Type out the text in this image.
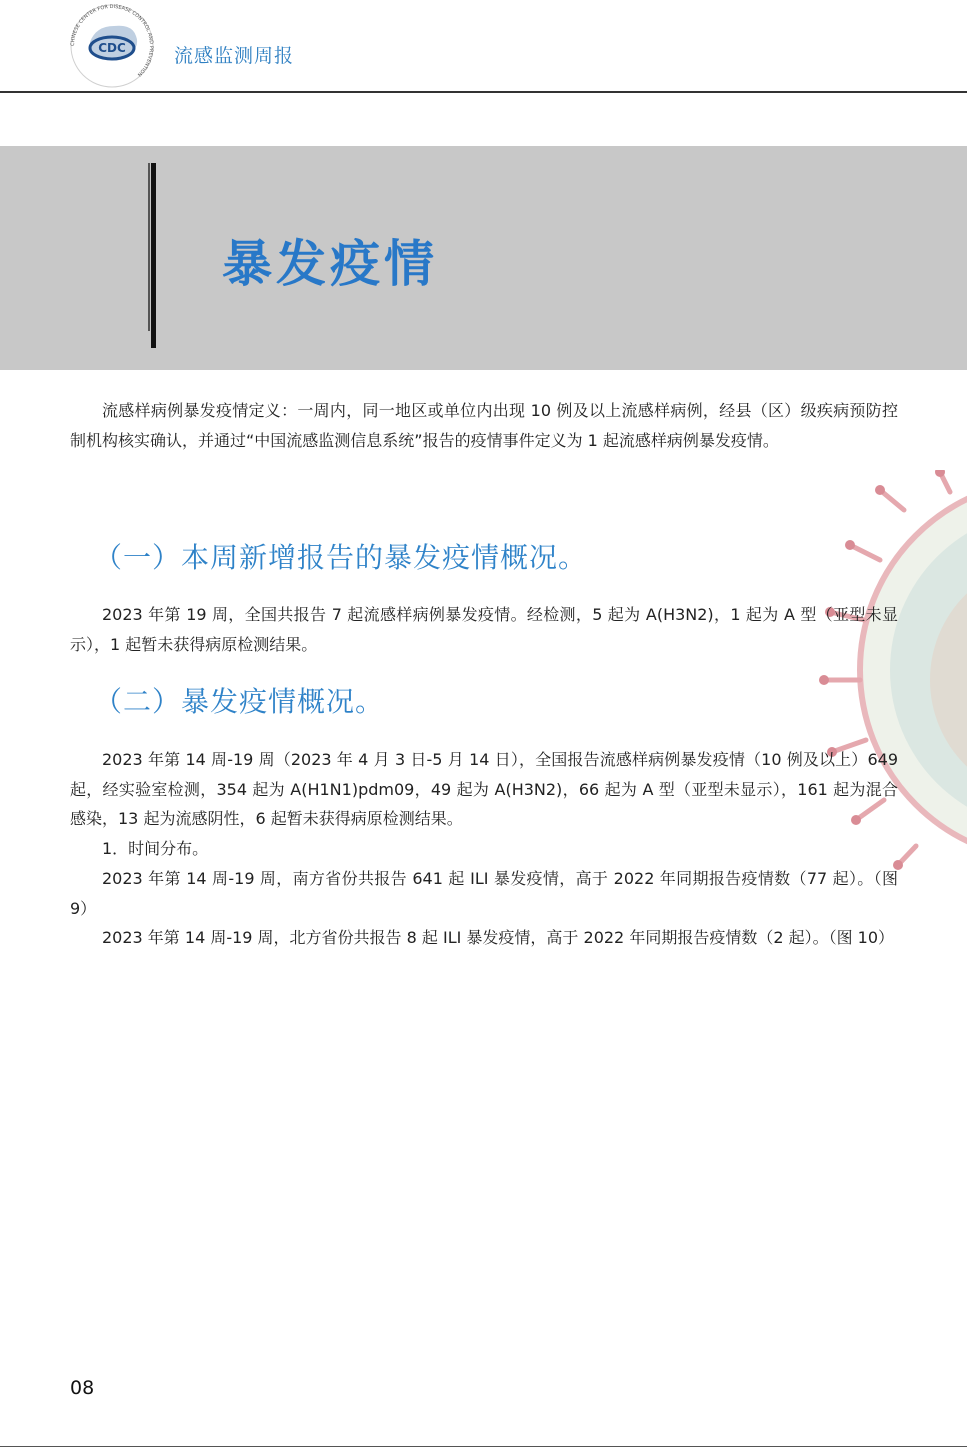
CHINESE CENTER FOR DISEASE CONTROL AND PREVENTION
CDC	流感监测周报
暴发疫情
流感样病例暴发疫情定义：一周内，同一地区或单位内出现 10 例及以上流感样病例，经县（区）级疾病预防控制机构核实确认，并通过“中国流感监测信息系统”报告的疫情事件定义为 1 起流感样病例暴发疫情。
（一）本周新增报告的暴发疫情概况。
2023 年第 19 周，全国共报告 7 起流感样病例暴发疫情。经检测，5 起为 A(H3N2)，1 起为 A 型（亚型未显示），1 起暂未获得病原检测结果。
（二）暴发疫情概况。
2023 年第 14 周-19 周（2023 年 4 月 3 日-5 月 14 日），全国报告流感样病例暴发疫情（10 例及以上）649 起，经实验室检测，354 起为 A(H1N1)pdm09，49 起为 A(H3N2)，66 起为 A 型（亚型未显示），161 起为混合感染，13 起为流感阴性，6 起暂未获得病原检测结果。
1．时间分布。
2023 年第 14 周-19 周，南方省份共报告 641 起 ILI 暴发疫情，高于 2022 年同期报告疫情数（77 起）。（图 9）
2023 年第 14 周-19 周，北方省份共报告 8 起 ILI 暴发疫情，高于 2022 年同期报告疫情数（2 起）。（图 10）
08
